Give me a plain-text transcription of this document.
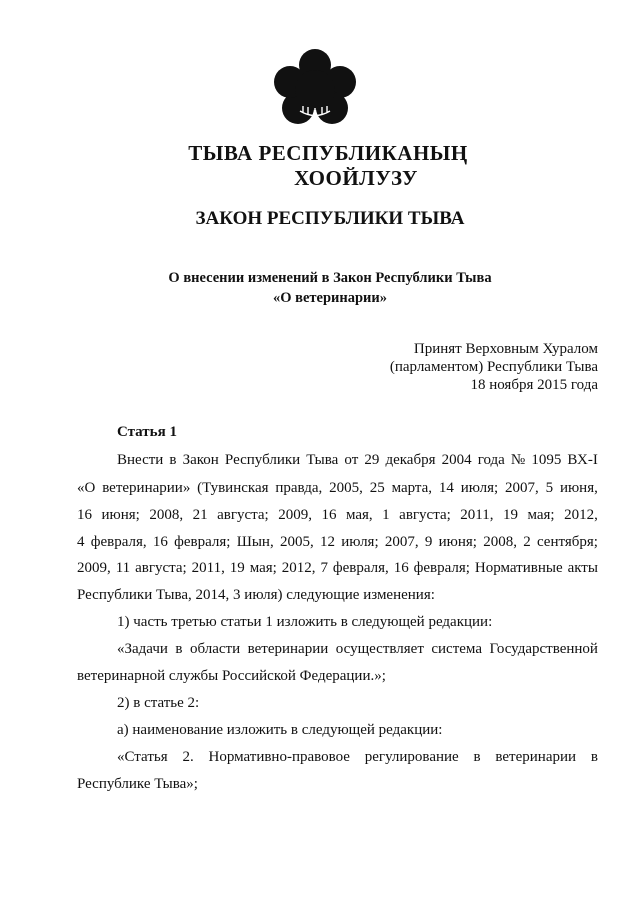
ТЫВА РЕСПУБЛИКАНЫҢ
ХООЙЛУЗУ
ЗАКОН РЕСПУБЛИКИ ТЫВА
О внесении изменений в Закон Республики Тыва
«О ветеринарии»
Принят Верховным Хуралом
(парламентом) Республики Тыва
18 ноября 2015 года
Статья 1
Внести в Закон Республики Тыва от 29 декабря 2004 года № 1095 ВХ-I
«О ветеринарии» (Тувинская правда, 2005, 25 марта, 14 июля; 2007, 5 июня,
16 июня; 2008, 21 августа; 2009, 16 мая, 1 августа; 2011, 19 мая; 2012,
4 февраля, 16 февраля; Шын, 2005, 12 июля; 2007, 9 июня; 2008, 2 сентября;
2009, 11 августа; 2011, 19 мая; 2012, 7 февраля, 16 февраля; Нормативные акты
Республики Тыва, 2014, 3 июля) следующие изменения:
1) часть третью статьи 1 изложить в следующей редакции:
«Задачи в области ветеринарии осуществляет система Государственной
ветеринарной службы Российской Федерации.»;
2) в статье 2:
а) наименование изложить в следующей редакции:
«Статья 2. Нормативно-правовое регулирование в ветеринарии в
Республике Тыва»;
